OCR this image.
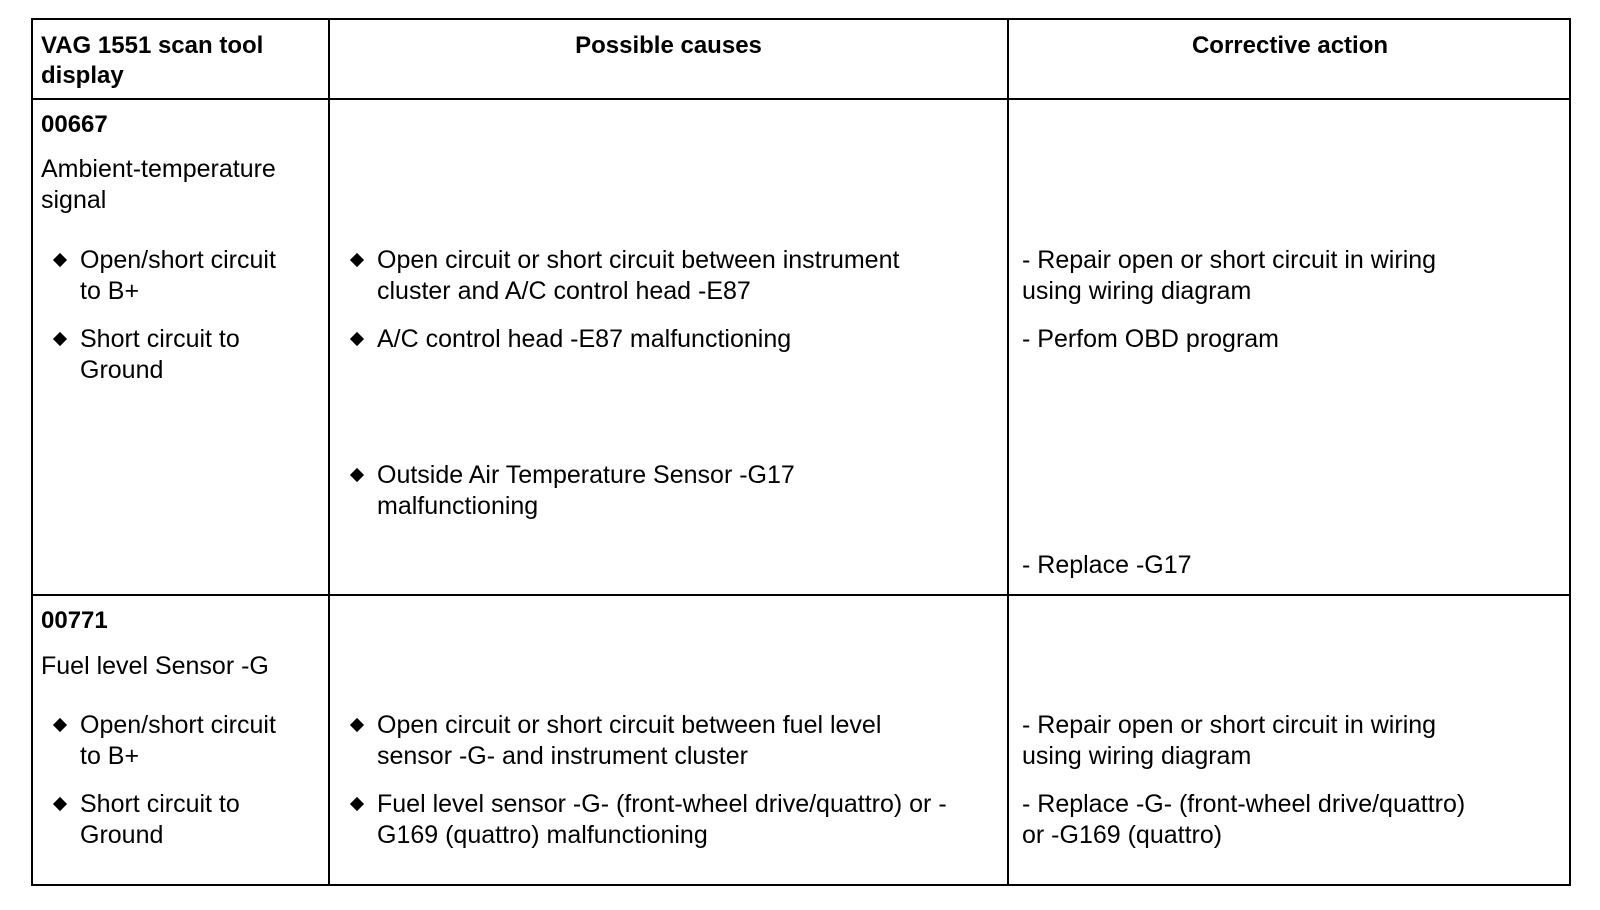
VAG 1551 scan tool
display
Possible causes	Corrective action
00667
Ambient-temperature
signal
Open/short circuit
to B+
Short circuit to
Ground
Open circuit or short circuit between instrument
cluster and A/C control head -E87
A/C control head -E87 malfunctioning
Outside Air Temperature Sensor -G17
malfunctioning
- Repair open or short circuit in wiring
using wiring diagram
- Perfom OBD program
- Replace -G17
00771
Fuel level Sensor -G
Open/short circuit
to B+
Short circuit to
Ground
Open circuit or short circuit between fuel level
sensor -G- and instrument cluster
Fuel level sensor -G- (front-wheel drive/quattro) or -
G169 (quattro) malfunctioning
- Repair open or short circuit in wiring
using wiring diagram
- Replace -G- (front-wheel drive/quattro)
or -G169 (quattro)
